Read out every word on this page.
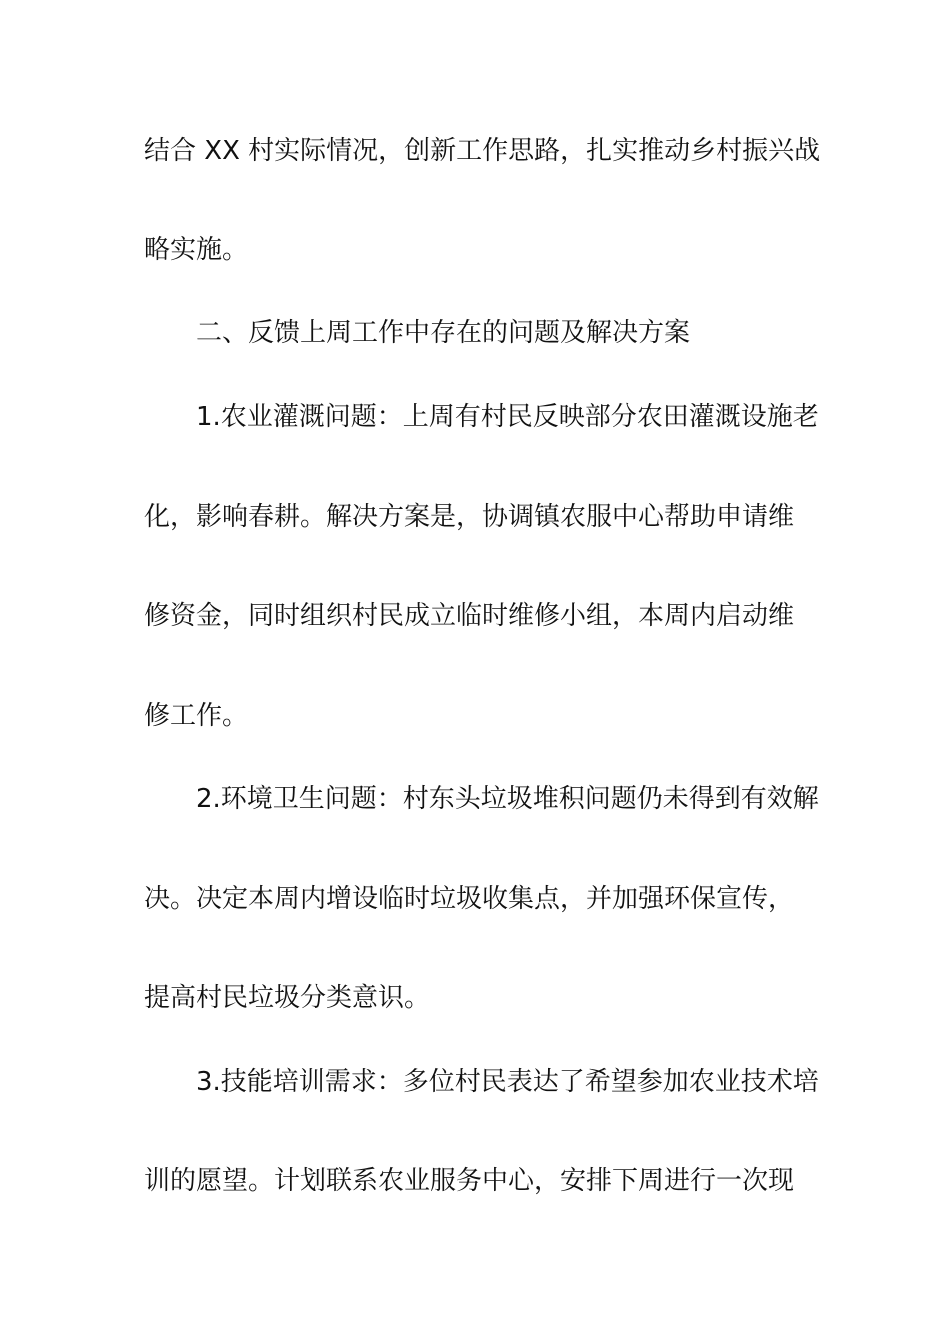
结合 XX 村实际情况，创新工作思路，扎实推动乡村振兴战
略实施。
二、反馈上周工作中存在的问题及解决方案
1.农业灌溉问题：上周有村民反映部分农田灌溉设施老
化，影响春耕。解决方案是，协调镇农服中心帮助申请维
修资金，同时组织村民成立临时维修小组，本周内启动维
修工作。
2.环境卫生问题：村东头垃圾堆积问题仍未得到有效解
决。决定本周内增设临时垃圾收集点，并加强环保宣传，
提高村民垃圾分类意识。
3.技能培训需求：多位村民表达了希望参加农业技术培
训的愿望。计划联系农业服务中心，安排下周进行一次现
